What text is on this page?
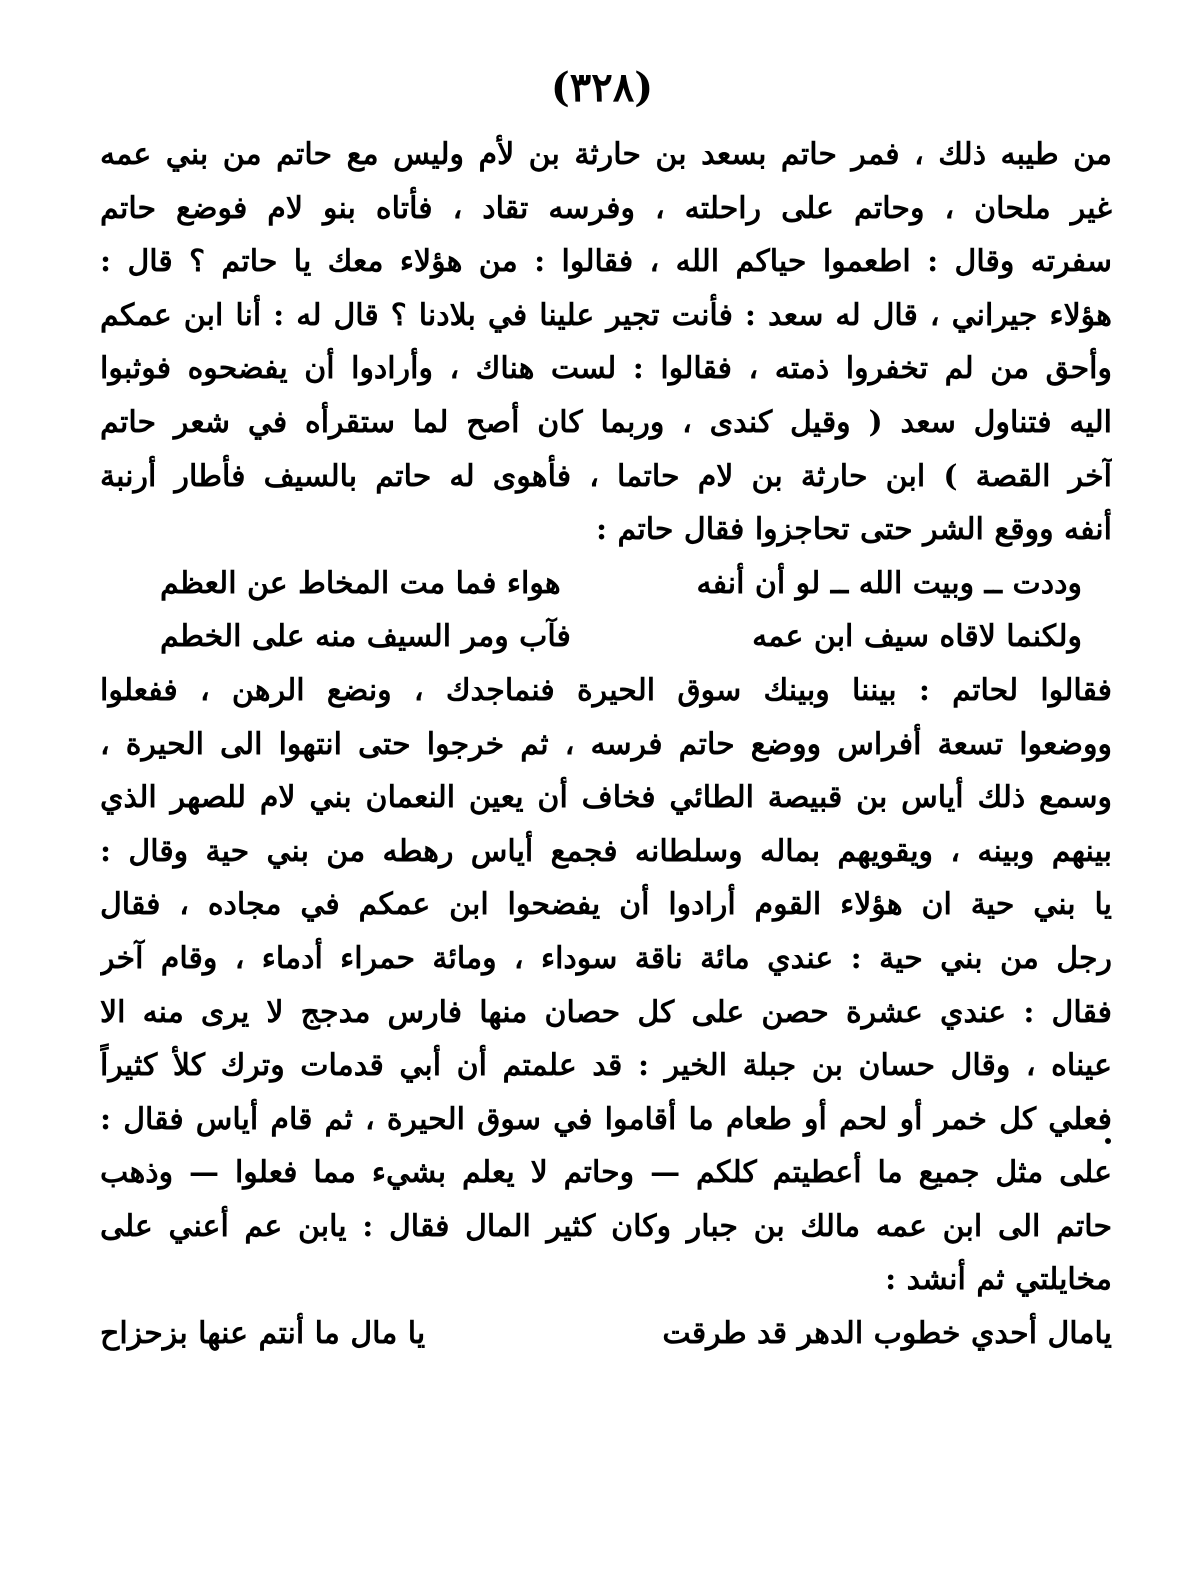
(٣٢٨)
من طيبه ذلك ، فمر حاتم بسعد بن حارثة بن لأم وليس مع حاتم من بني عمه
غير ملحان ، وحاتم على راحلته ، وفرسه تقاد ، فأتاه بنو لام فوضع حاتم
سفرته وقال : اطعموا حياكم الله ، فقالوا : من هؤلاء معك يا حاتم ؟ قال :
هؤلاء جيراني ، قال له سعد : فأنت تجير علينا في بلادنا ؟ قال له : أنا ابن عمكم
وأحق من لم تخفروا ذمته ، فقالوا : لست هناك ، وأرادوا أن يفضحوه فوثبوا
اليه فتناول سعد ( وقيل كندى ، وربما كان أصح لما ستقرأه في شعر حاتم
آخر القصة ) ابن حارثة بن لام حاتما ، فأهوى له حاتم بالسيف فأطار أرنبة
أنفه ووقع الشر حتى تحاجزوا فقال حاتم :
وددت ــ وبيت الله ــ لو أن أنفه
هواء فما مت المخاط عن العظم
ولكنما لاقاه سيف ابن عمه
فآب ومر السيف منه على الخطم
فقالوا لحاتم : بيننا وبينك سوق الحيرة فنماجدك ، ونضع الرهن ، ففعلوا
ووضعوا تسعة أفراس ووضع حاتم فرسه ، ثم خرجوا حتى انتهوا الى الحيرة ،
وسمع ذلك أياس بن قبيصة الطائي فخاف أن يعين النعمان بني لام للصهر الذي
بينهم وبينه ، ويقويهم بماله وسلطانه فجمع أياس رهطه من بني حية وقال :
يا بني حية ان هؤلاء القوم أرادوا أن يفضحوا ابن عمكم في مجاده ، فقال
رجل من بني حية : عندي مائة ناقة سوداء ، ومائة حمراء أدماء ، وقام آخر
فقال : عندي عشرة حصن على كل حصان منها فارس مدجج لا يرى منه الا
عيناه ، وقال حسان بن جبلة الخير : قد علمتم أن أبي قدمات وترك كلأ كثيراً
فعلي كل خمر أو لحم أو طعام ما أقاموا في سوق الحيرة ، ثم قام أياس فقال :
على مثل جميع ما أعطيتم كلكم — وحاتم لا يعلم بشيء مما فعلوا — وذهب
حاتم الى ابن عمه مالك بن جبار وكان كثير المال فقال : يابن عم أعني على
مخايلتي ثم أنشد :
يامال أحدي خطوب الدهر قد طرقت
يا مال ما أنتم عنها بزحزاح
